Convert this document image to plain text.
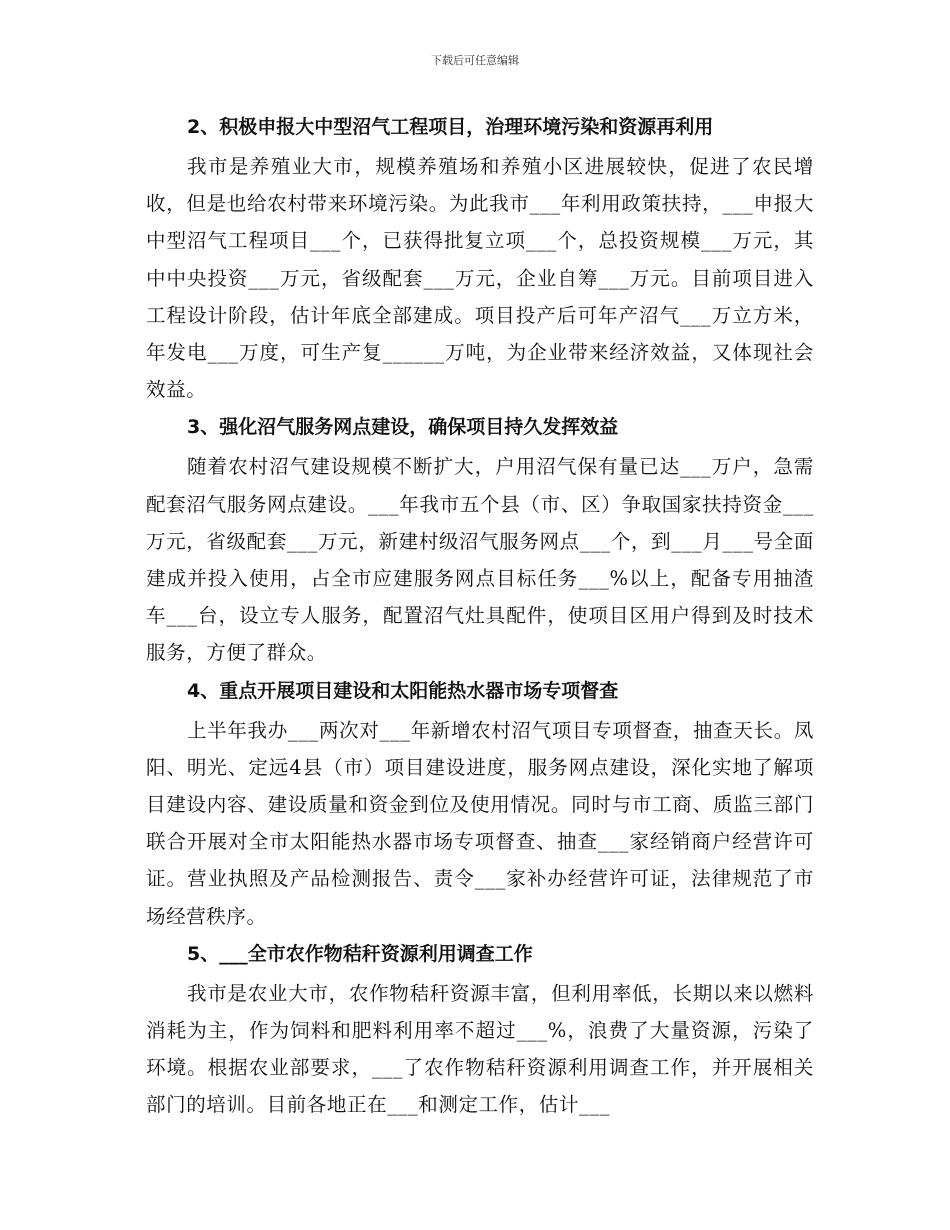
下载后可任意编辑
2、积极申报大中型沼气工程项目，治理环境污染和资源再利用
我市是养殖业大市，规模养殖场和养殖小区进展较快，促进了农民增收，但是也给农村带来环境污染。为此我市___年利用政策扶持，___申报大中型沼气工程项目___个，已获得批复立项___个，总投资规模___万元，其中中央投资___万元，省级配套___万元，企业自筹___万元。目前项目进入工程设计阶段，估计年底全部建成。项目投产后可年产沼气___万立方米，年发电___万度，可生产复______万吨，为企业带来经济效益，又体现社会效益。
3、强化沼气服务网点建设，确保项目持久发挥效益
随着农村沼气建设规模不断扩大，户用沼气保有量已达___万户，急需配套沼气服务网点建设。___年我市五个县（市、区）争取国家扶持资金___万元，省级配套___万元，新建村级沼气服务网点___个，到___月___号全面建成并投入使用，占全市应建服务网点目标任务___%以上，配备专用抽渣车___台，设立专人服务，配置沼气灶具配件，使项目区用户得到及时技术服务，方便了群众。
4、重点开展项目建设和太阳能热水器市场专项督查
上半年我办___两次对___年新增农村沼气项目专项督查，抽查天长。凤阳、明光、定远4县（市）项目建设进度，服务网点建设，深化实地了解项目建设内容、建设质量和资金到位及使用情况。同时与市工商、质监三部门联合开展对全市太阳能热水器市场专项督查、抽查___家经销商户经营许可证。营业执照及产品检测报告、责令___家补办经营许可证，法律规范了市场经营秩序。
5、___全市农作物秸秆资源利用调查工作
我市是农业大市，农作物秸秆资源丰富，但利用率低，长期以来以燃料消耗为主，作为饲料和肥料利用率不超过___%，浪费了大量资源，污染了环境。根据农业部要求，___了农作物秸秆资源利用调查工作，并开展相关部门的培训。目前各地正在___和测定工作，估计___
